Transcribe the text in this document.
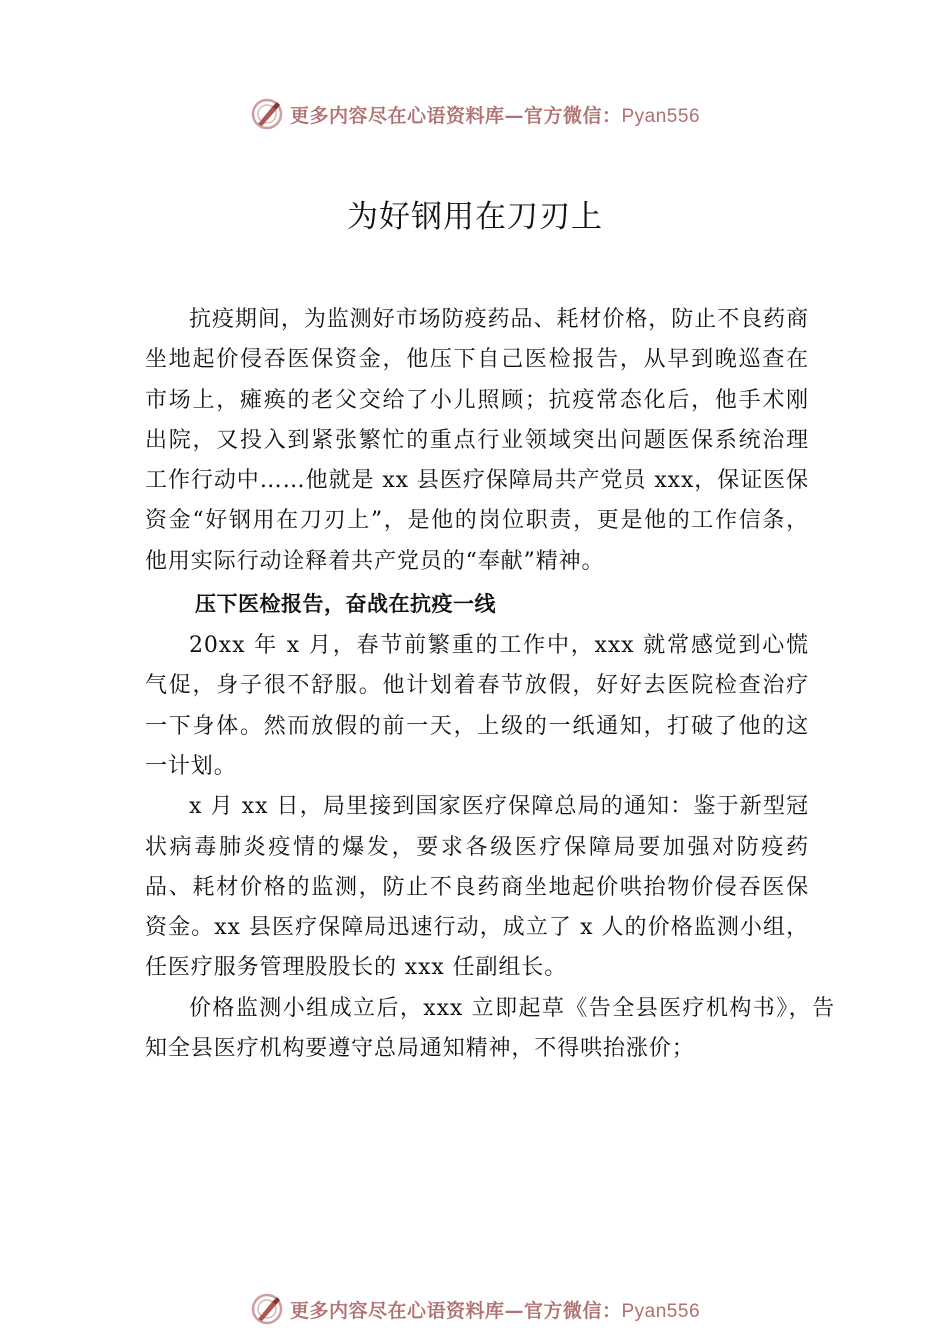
更多内容尽在心语资料库—官方微信：Pyan556
为好钢用在刀刃上

抗疫期间，为监测好市场防疫药品、耗材价格，防止不良药商坐地起价侵吞医保资金，他压下自己医检报告，从早到晚巡查在市场上，瘫痪的老父交给了小儿照顾；抗疫常态化后，他手术刚出院，又投入到紧张繁忙的重点行业领域突出问题医保系统治理工作行动中……他就是 xx 县医疗保障局共产党员 xxx，保证医保资金“好钢用在刀刃上”，是他的岗位职责，更是他的工作信条，他用实际行动诠释着共产党员的“奉献”精神。

压下医检报告，奋战在抗疫一线

20xx 年 x 月，春节前繁重的工作中，xxx 就常感觉到心慌气促，身子很不舒服。他计划着春节放假，好好去医院检查治疗一下身体。然而放假的前一天，上级的一纸通知，打破了他的这一计划。

x 月 xx 日，局里接到国家医疗保障总局的通知：鉴于新型冠状病毒肺炎疫情的爆发，要求各级医疗保障局要加强对防疫药品、耗材价格的监测，防止不良药商坐地起价哄抬物价侵吞医保资金。xx 县医疗保障局迅速行动，成立了 x 人的价格监测小组，任医疗服务管理股股长的 xxx 任副组长。

价格监测小组成立后，xxx 立即起草《告全县医疗机构书》，告知全县医疗机构要遵守总局通知精神，不得哄抬涨价；

更多内容尽在心语资料库—官方微信：Pyan556
